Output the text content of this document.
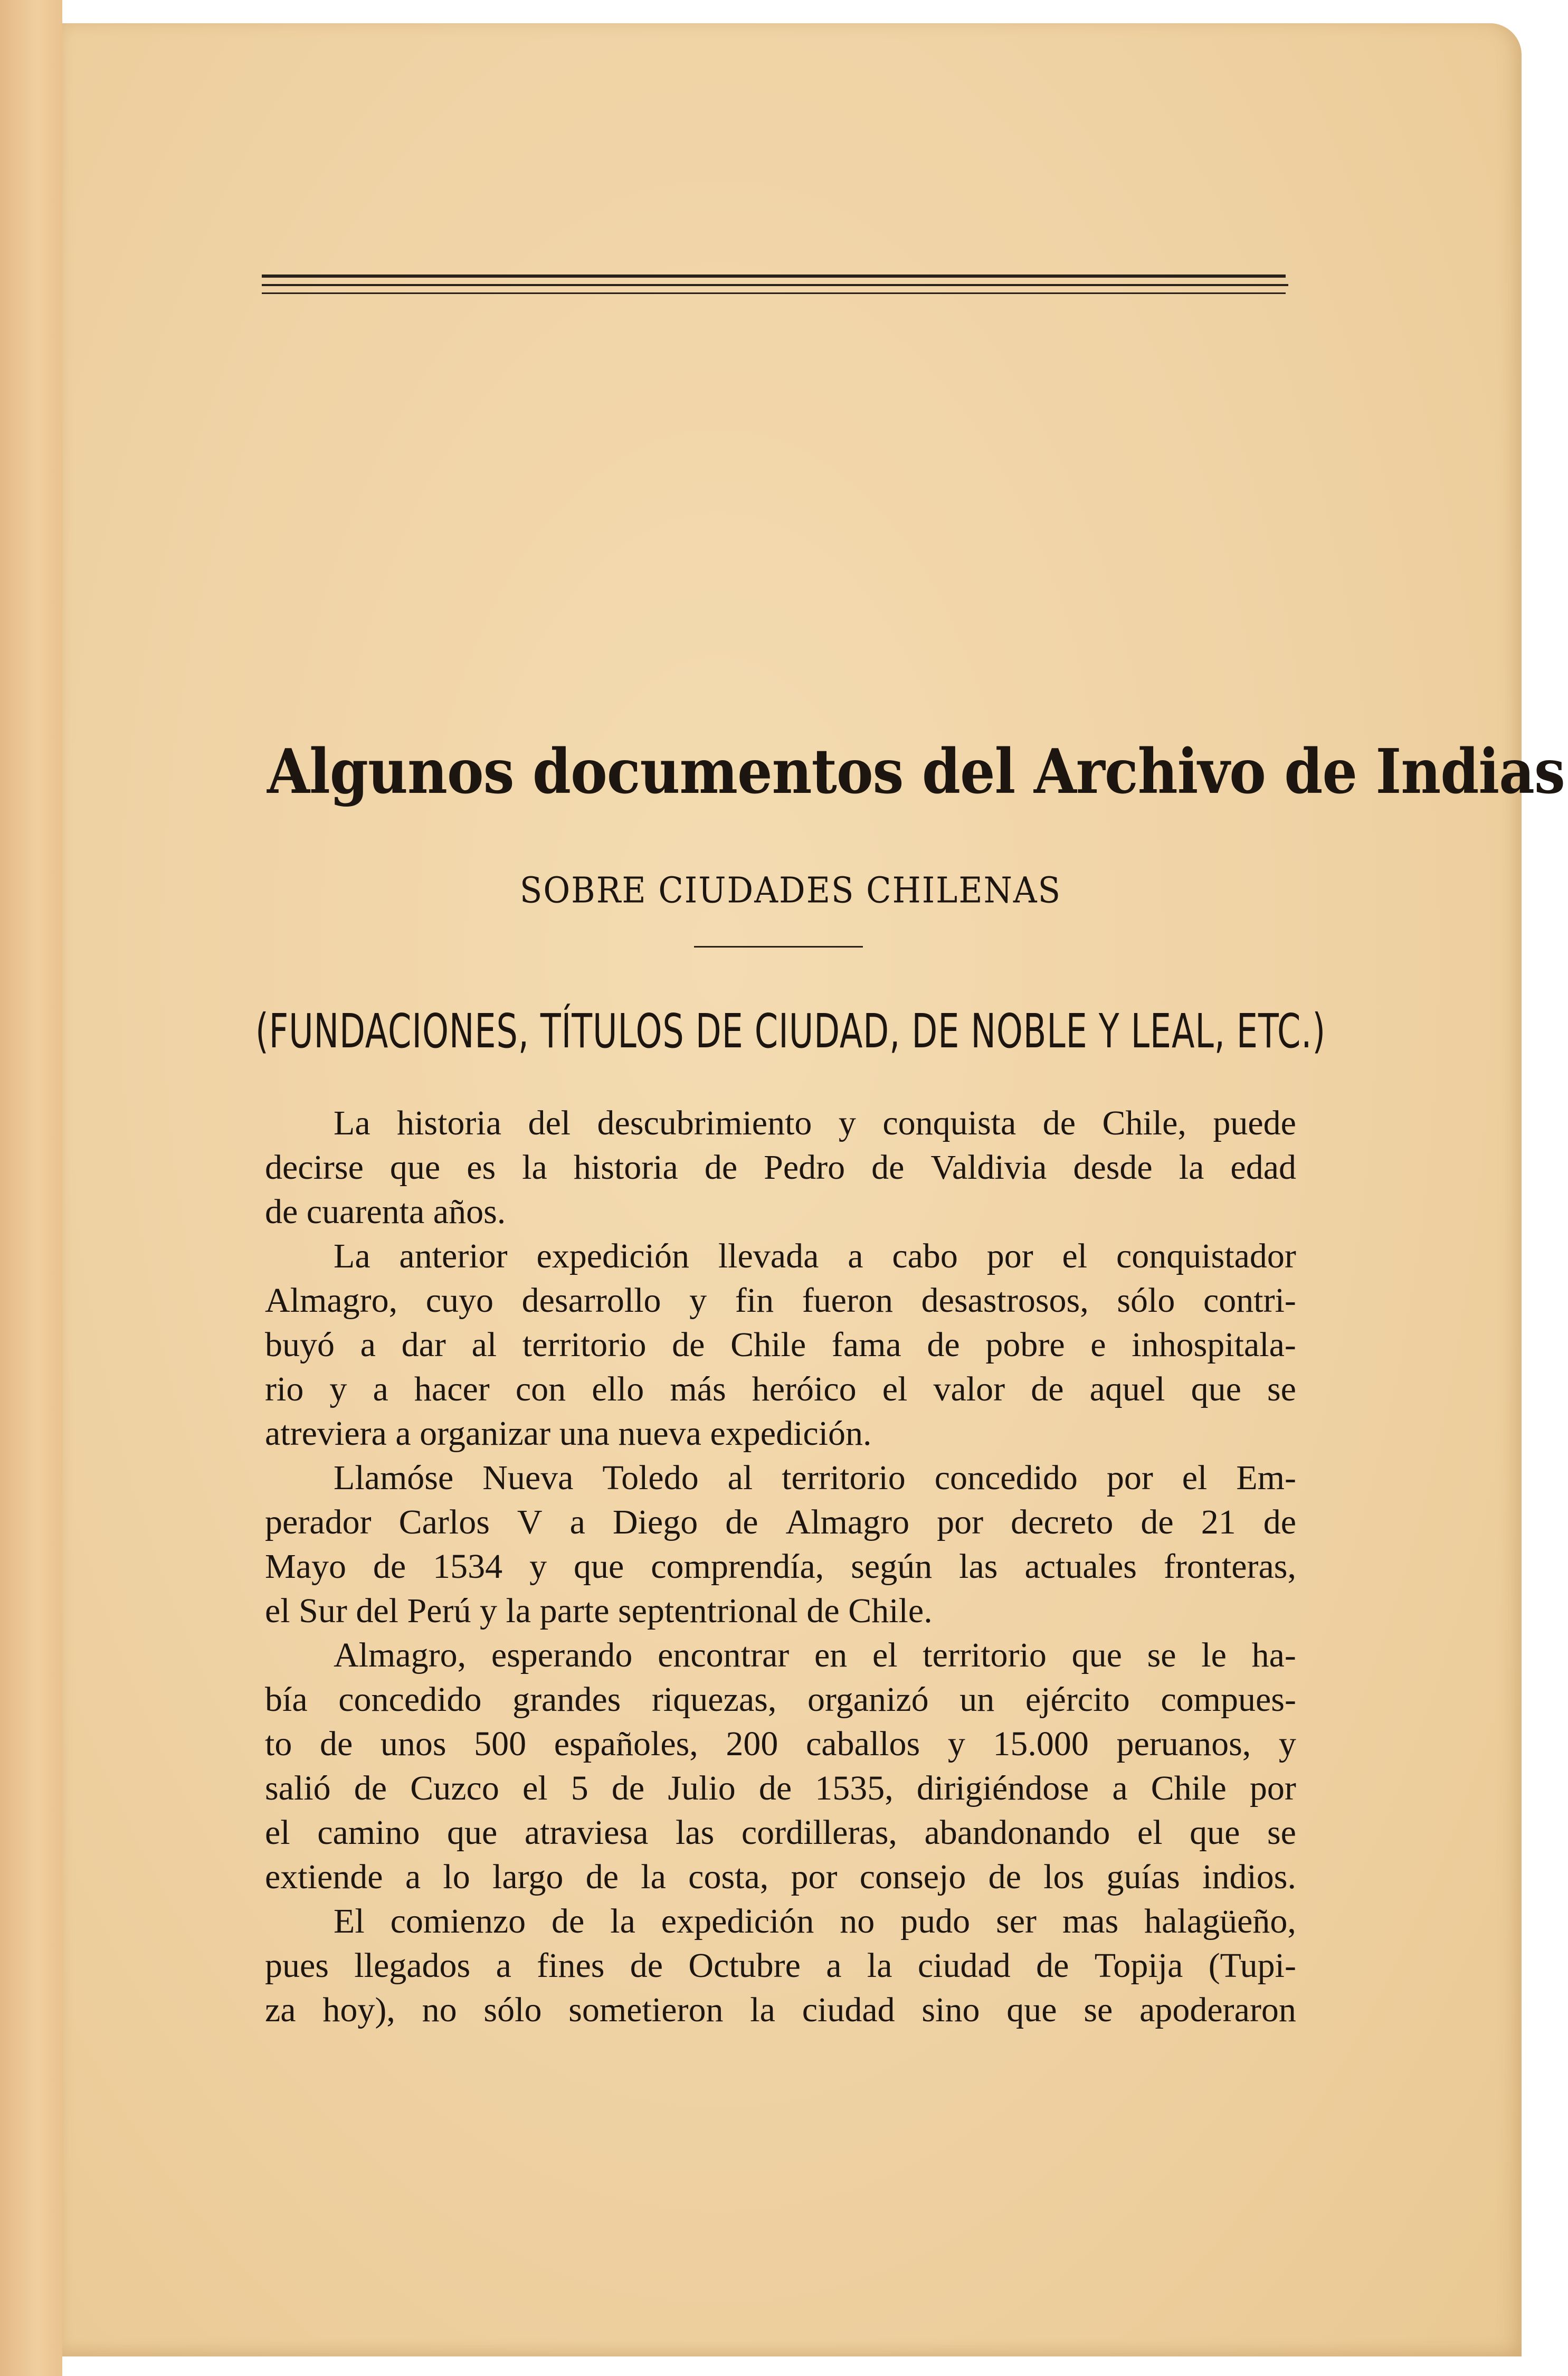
Algunos documentos del Archivo de Indias
SOBRE CIUDADES CHILENAS
(FUNDACIONES, TÍTULOS DE CIUDAD, DE NOBLE Y LEAL, ETC.)
La historia del descubrimiento y conquista de Chile, puede
decirse que es la historia de Pedro de Valdivia desde la edad
de cuarenta años.
La anterior expedición llevada a cabo por el conquistador
Almagro, cuyo desarrollo y fin fueron desastrosos, sólo contri-
buyó a dar al territorio de Chile fama de pobre e inhospitala-
rio y a hacer con ello más heróico el valor de aquel que se
atreviera a organizar una nueva expedición.
Llamóse Nueva Toledo al territorio concedido por el Em-
perador Carlos V a Diego de Almagro por decreto de 21 de
Mayo de 1534 y que comprendía, según las actuales fronteras,
el Sur del Perú y la parte septentrional de Chile.
Almagro, esperando encontrar en el territorio que se le ha-
bía concedido grandes riquezas, organizó un ejército compues-
to de unos 500 españoles, 200 caballos y 15.000 peruanos, y
salió de Cuzco el 5 de Julio de 1535, dirigiéndose a Chile por
el camino que atraviesa las cordilleras, abandonando el que se
extiende a lo largo de la costa, por consejo de los guías indios.
El comienzo de la expedición no pudo ser mas halagüeño,
pues llegados a fines de Octubre a la ciudad de Topija (Tupi-
za hoy), no sólo sometieron la ciudad sino que se apoderaron
